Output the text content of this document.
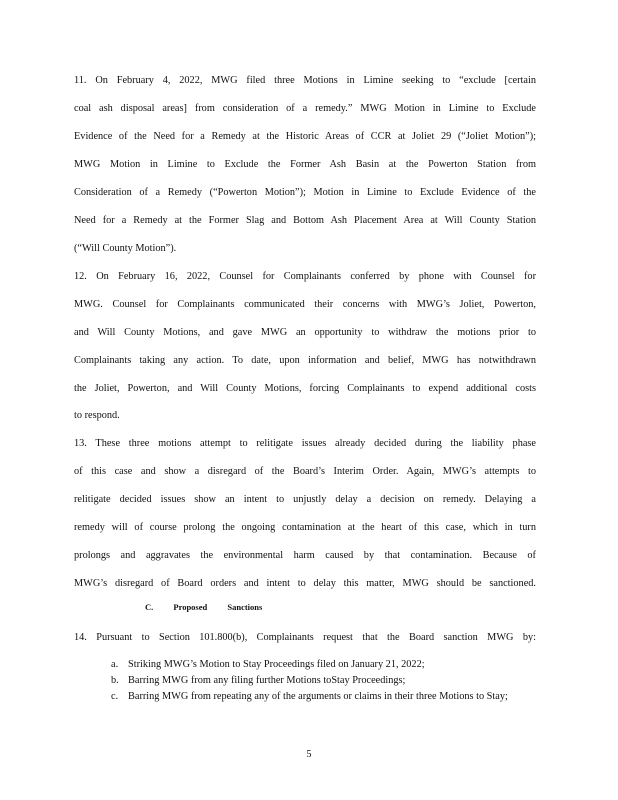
11. On February 4, 2022, MWG filed three Motions in Limine seeking to “exclude [certain
coal ash disposal areas] from consideration of a remedy.” MWG Motion in Limine to Exclude
Evidence of the Need for a Remedy at the Historic Areas of CCR at Joliet 29 (“Joliet Motion”);
MWG Motion in Limine to Exclude the Former Ash Basin at the Powerton Station from
Consideration of a Remedy (“Powerton Motion”); Motion in Limine to Exclude Evidence of the
Need for a Remedy at the Former Slag and Bottom Ash Placement Area at Will County Station
(“Will County Motion”).
12. On February 16, 2022, Counsel for Complainants conferred by phone with Counsel for
MWG. Counsel for Complainants communicated their concerns with MWG’s Joliet, Powerton,
and Will County Motions, and gave MWG an opportunity to withdraw the motions prior to
Complainants taking any action. To date, upon information and belief, MWG has notwithdrawn
the Joliet, Powerton, and Will County Motions, forcing Complainants to expend additional costs
to respond.
13. These three motions attempt to relitigate issues already decided during the liability phase
of this case and show a disregard of the Board’s Interim Order. Again, MWG’s attempts to
relitigate decided issues show an intent to unjustly delay a decision on remedy. Delaying a
remedy will of course prolong the ongoing contamination at the heart of this case, which in turn
prolongs and aggravates the environmental harm caused by that contamination. Because of
MWG’s disregard of Board orders and intent to delay this matter, MWG should be sanctioned.
C. Proposed Sanctions
14. Pursuant to Section 101.800(b), Complainants request that the Board sanction MWG by:
a. Striking MWG’s Motion to Stay Proceedings filed on January 21, 2022;
b. Barring MWG from any filing further Motions toStay Proceedings;
c. Barring MWG from repeating any of the arguments or claims in their three Motions to Stay;
5
